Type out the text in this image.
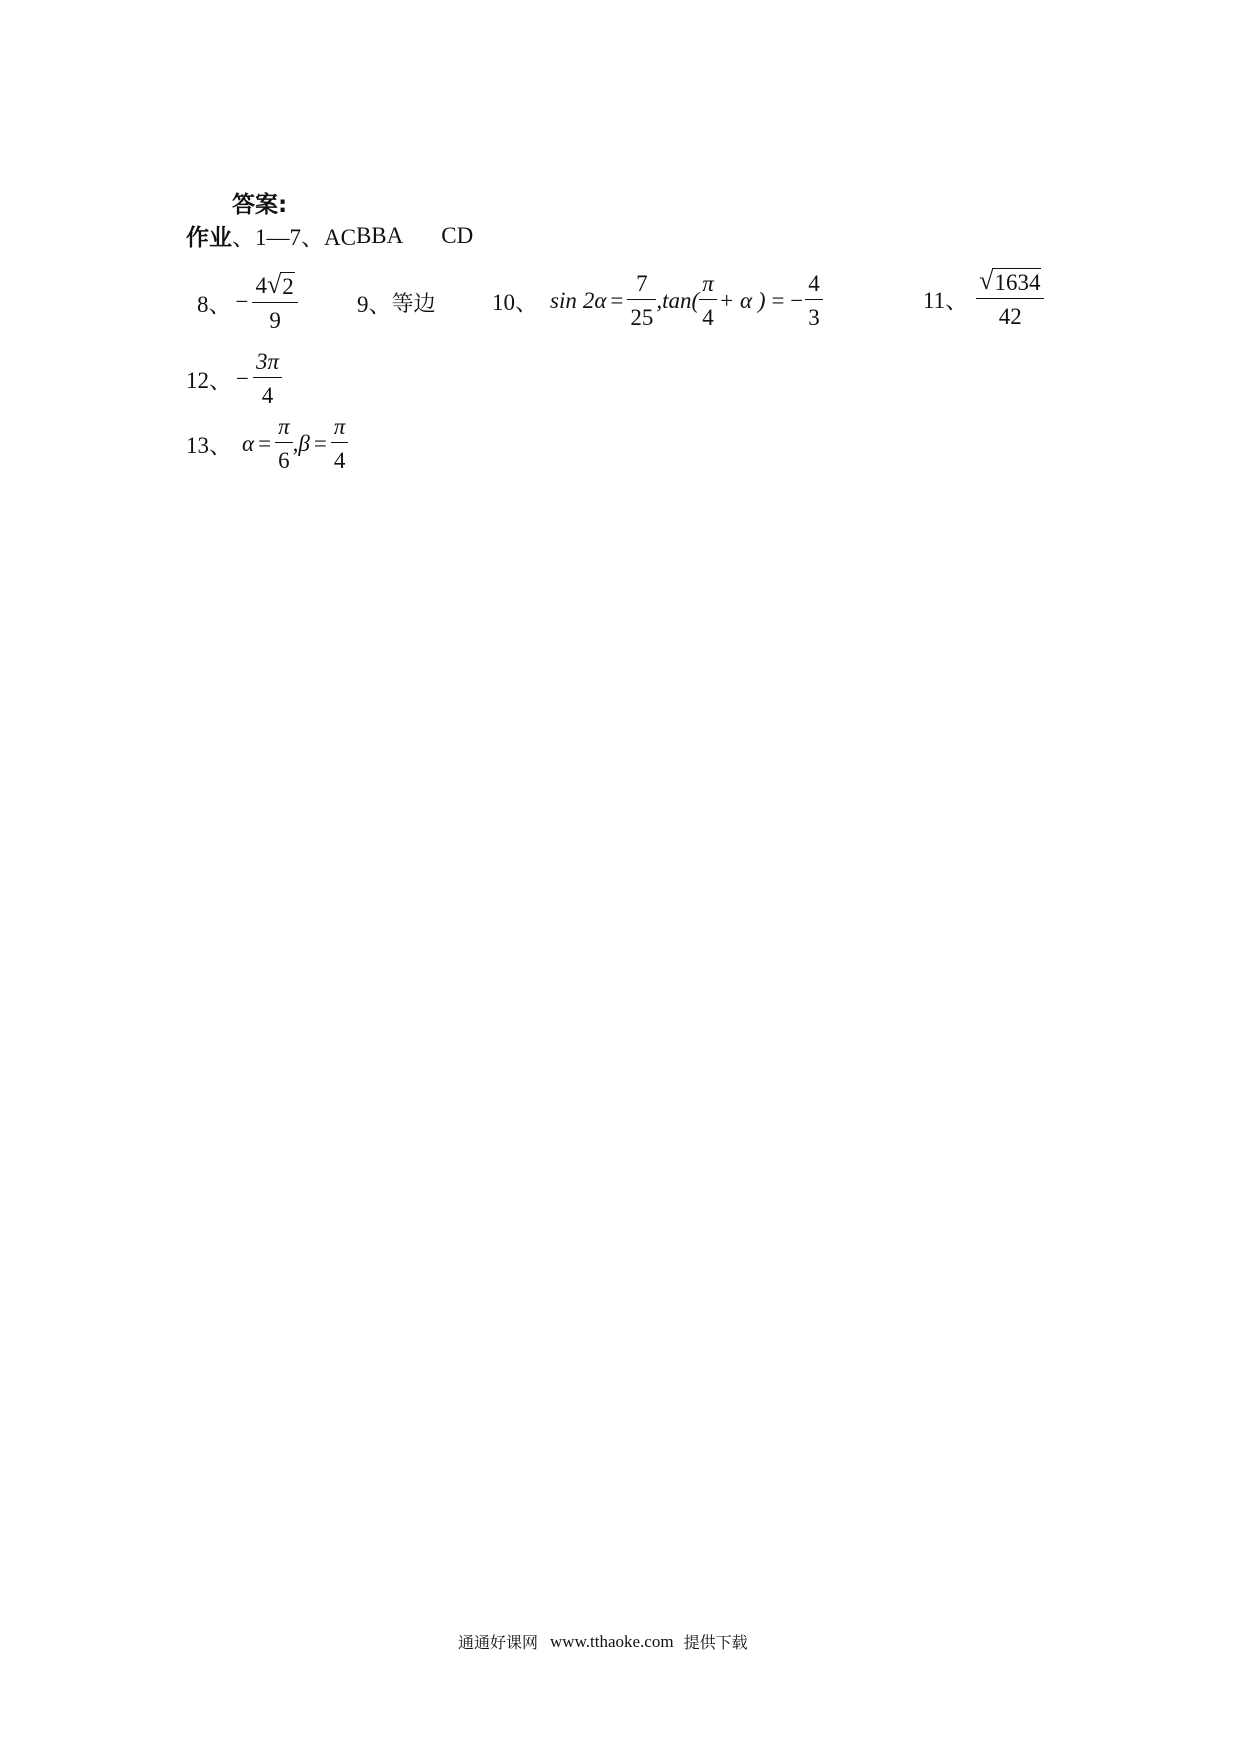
答案:
作业 、1—7、AC BBA CD
8、 − $\frac{4 √ 2}{9}$	9、 等边 10、 $\sin 2\alpha = \frac{7}{25}$ , $\tan( \frac{\pi}{4} + \alpha$ ) = − $\frac{4}{3}$	11、 $\frac{√ 1634}{42}$
12、 − $\frac{3\pi}{4}$
13、 $\alpha = \frac{\pi}{6}$ , $\beta = \frac{\pi}{4}$
通通好课网 www.tthaoke.com 提供下载
